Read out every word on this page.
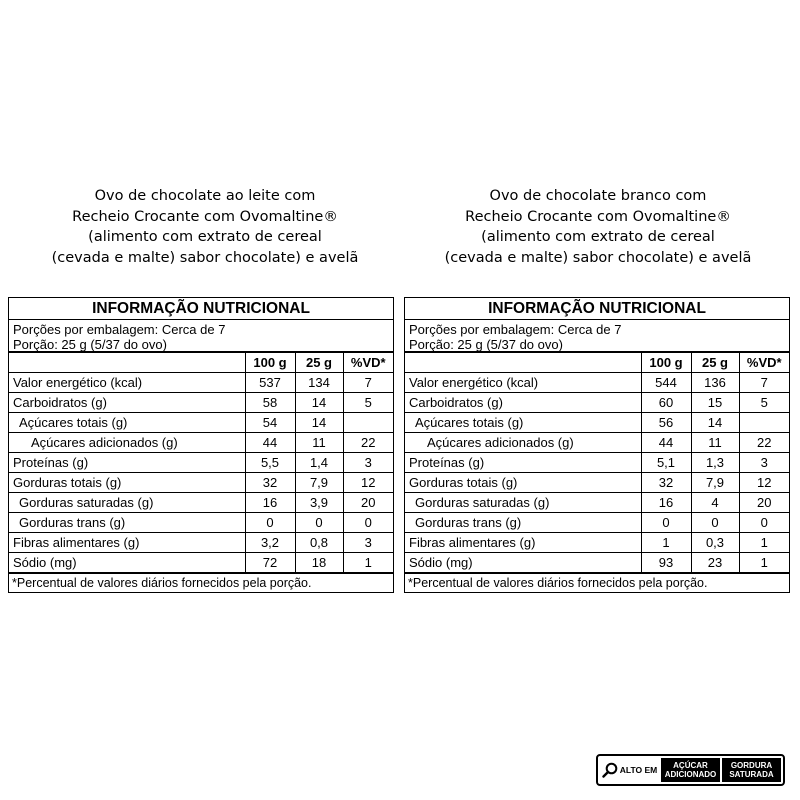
Ovo de chocolate ao leite com
Recheio Crocante com Ovomaltine®
(alimento com extrato de cereal
(cevada e malte) sabor chocolate) e avelã
INFORMAÇÃO NUTRICIONAL
Porções por embalagem: Cerca de 7
Porção: 25 g (5/37 do ovo)
	100 g	25 g	%VD*
Valor energético (kcal)	537	134	7
Carboidratos (g)	58	14	5
Açúcares totais (g)	54	14	
Açúcares adicionados (g)	44	11	22
Proteínas (g)	5,5	1,4	3
Gorduras totais (g)	32	7,9	12
Gorduras saturadas (g)	16	3,9	20
Gorduras trans (g)	0	0	0
Fibras alimentares (g)	3,2	0,8	3
Sódio (mg)	72	18	1
*Percentual de valores diários fornecidos pela porção.
Ovo de chocolate branco com
Recheio Crocante com Ovomaltine®
(alimento com extrato de cereal
(cevada e malte) sabor chocolate) e avelã
INFORMAÇÃO NUTRICIONAL
Porções por embalagem: Cerca de 7
Porção: 25 g (5/37 do ovo)
	100 g	25 g	%VD*
Valor energético (kcal)	544	136	7
Carboidratos (g)	60	15	5
Açúcares totais (g)	56	14	
Açúcares adicionados (g)	44	11	22
Proteínas (g)	5,1	1,3	3
Gorduras totais (g)	32	7,9	12
Gorduras saturadas (g)	16	4	20
Gorduras trans (g)	0	0	0
Fibras alimentares (g)	1	0,3	1
Sódio (mg)	93	23	1
*Percentual de valores diários fornecidos pela porção.
ALTO EM AÇÚCAR
ADICIONADO
GORDURA
SATURADA
